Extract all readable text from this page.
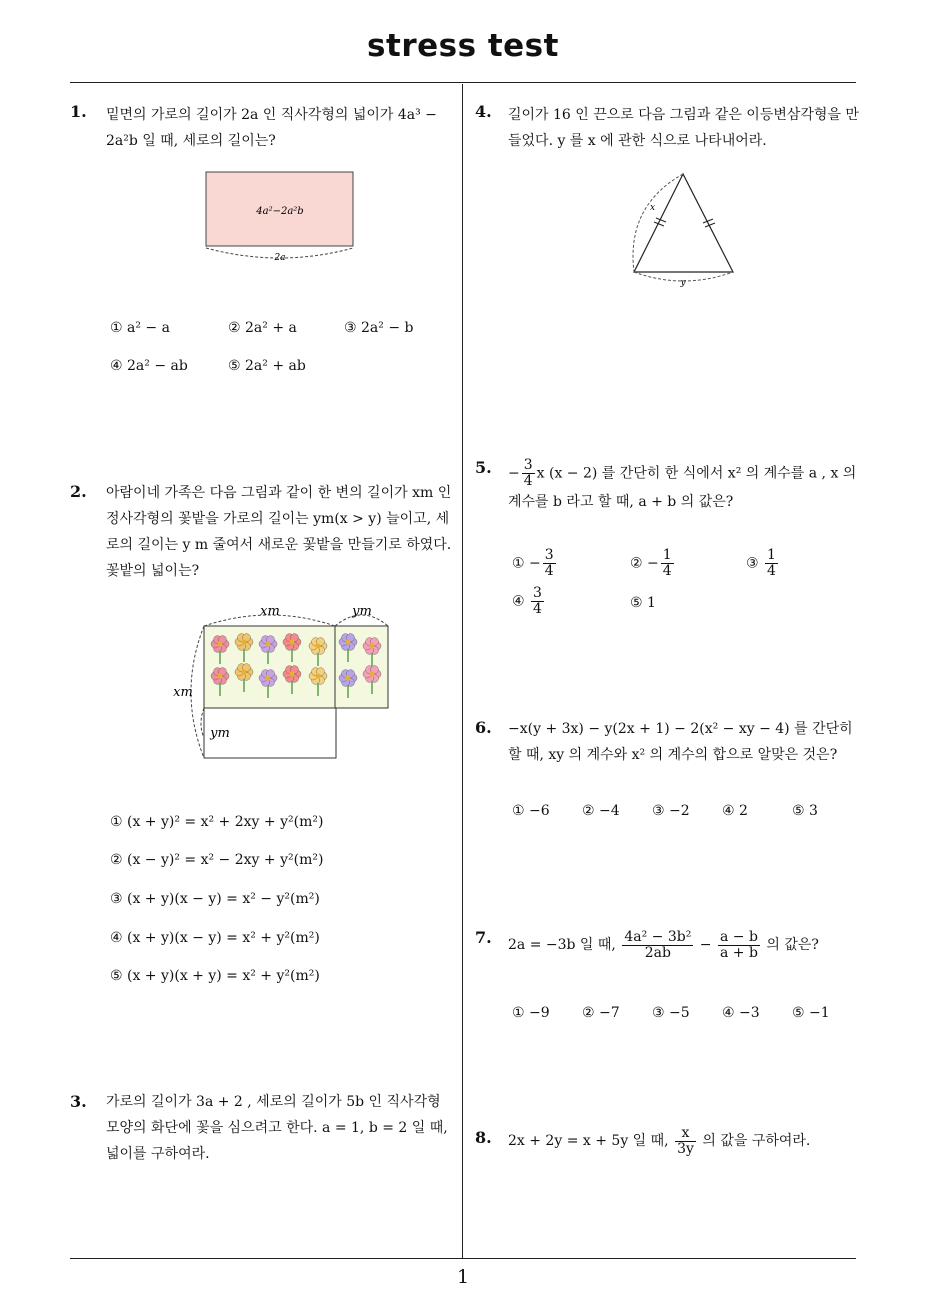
stress test
1
1. 밑면의 가로의 길이가 2a 인 직사각형의 넓이가 4a³ − 2a²b 일 때, 세로의 길이는?
4a²−2a²b
2a
① a² − a	② 2a² + a	③ 2a² − b
④ 2a² − ab	⑤ 2a² + ab
2. 아람이네 가족은 다음 그림과 같이 한 변의 길이가 xm 인 정사각형의 꽃밭을 가로의 길이는 ym(x > y) 늘이고, 세로의 길이는 y m 줄여서 새로운 꽃밭을 만들기로 하였다. 꽃밭의 넓이는?
xm	ym
xm
ym
① (x + y)² = x² + 2xy + y²(m²)
② (x − y)² = x² − 2xy + y²(m²)
③ (x + y)(x − y) = x² − y²(m²)
④ (x + y)(x − y) = x² + y²(m²)
⑤ (x + y)(x + y) = x² + y²(m²)
3. 가로의 길이가 3a + 2 , 세로의 길이가 5b 인 직사각형 모양의 화단에 꽃을 심으려고 한다. a = 1, b = 2 일 때, 넓이를 구하여라.
4. 길이가 16 인 끈으로 다음 그림과 같은 이등변삼각형을 만들었다. y 를 x 에 관한 식으로 나타내어라.
x
y
5. − $\frac{3}{4}$ x (x − 2) 를 간단히 한 식에서 x² 의 계수를 a , x 의 계수를 b 라고 할 때, a + b 의 값은?
① − $\frac{3}{4}$	② − $\frac{1}{4}$	③ $\frac{1}{4}$
④ $\frac{3}{4}$	⑤ 1
6. −x(y + 3x) − y(2x + 1) − 2(x² − xy − 4) 를 간단히 할 때, xy 의 계수와 x² 의 계수의 합으로 알맞은 것은?
① −6 ② −4 ③ −2 ④ 2	⑤ 3
7. 2a = −3b 일 때, $\frac{\text{4a² − 3b²}}{2ab} - \frac{a - b}{a + b}$ 의 값은?
① −9 ② −7 ③ −5 ④ −3 ⑤ −1
8. 2x + 2y = x + 5y 일 때, $\frac{x}{3y}$ 의 값을 구하여라.
